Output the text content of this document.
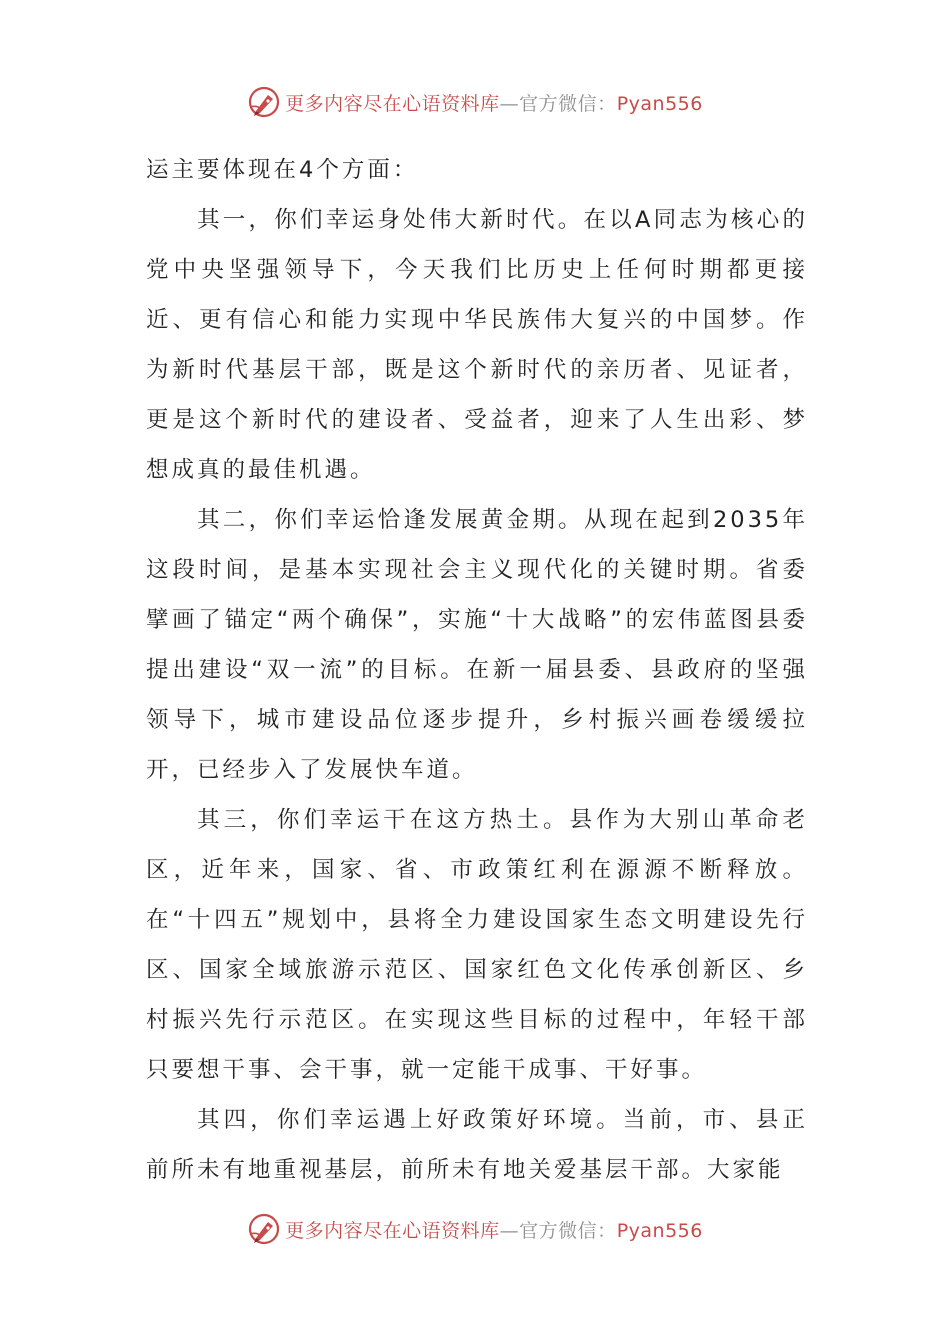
更多内容尽在心语资料库—官方微信：Pyan556

运主要体现在4个方面：

其一，你们幸运身处伟大新时代。在以A同志为核心的党中央坚强领导下，今天我们比历史上任何时期都更接近、更有信心和能力实现中华民族伟大复兴的中国梦。作为新时代基层干部，既是这个新时代的亲历者、见证者，更是这个新时代的建设者、受益者，迎来了人生出彩、梦想成真的最佳机遇。

其二，你们幸运恰逢发展黄金期。从现在起到2035年这段时间，是基本实现社会主义现代化的关键时期。省委擘画了锚定“两个确保”，实施“十大战略”的宏伟蓝图县委提出建设“双一流”的目标。在新一届县委、县政府的坚强领导下，城市建设品位逐步提升，乡村振兴画卷缓缓拉开，已经步入了发展快车道。

其三，你们幸运干在这方热土。县作为大别山革命老区，近年来，国家、省、市政策红利在源源不断释放。在“十四五”规划中，县将全力建设国家生态文明建设先行区、国家全域旅游示范区、国家红色文化传承创新区、乡村振兴先行示范区。在实现这些目标的过程中，年轻干部只要想干事、会干事，就一定能干成事、干好事。

其四，你们幸运遇上好政策好环境。当前，市、县正前所未有地重视基层，前所未有地关爱基层干部。大家能

更多内容尽在心语资料库—官方微信：Pyan556
